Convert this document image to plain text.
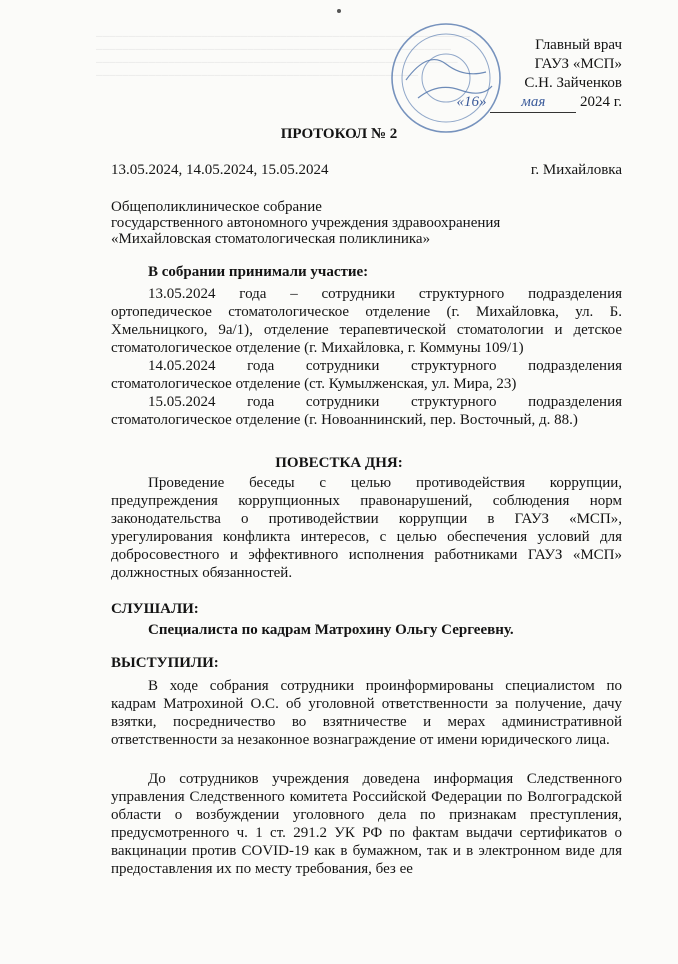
─────────────────────────────────────────────────────────
──────────────────────────────────────────────────────
───────────────────────────────────────────────────────
─────────────────────────────────────────────────
Главный врач
ГАУЗ «МСП»
С.Н. Зайченков
«16» мая 2024 г.
ПРОТОКОЛ № 2
13.05.2024, 14.05.2024, 15.05.2024	г. Михайловка
Общеполиклиническое собрание
государственного автономного учреждения здравоохранения
«Михайловская стоматологическая поликлиника»
В собрании принимали участие:
13.05.2024 года – сотрудники структурного подразделения ортопедическое стоматологическое отделение (г. Михайловка, ул. Б. Хмельницкого, 9а/1), отделение терапевтической стоматологии и детское стоматологическое отделение (г. Михайловка, г. Коммуны 109/1)
14.05.2024 года сотрудники структурного подразделения стоматологическое отделение (ст. Кумылженская, ул. Мира, 23)
15.05.2024 года сотрудники структурного подразделения стоматологическое отделение (г. Новоаннинский, пер. Восточный, д. 88.)
ПОВЕСТКА ДНЯ:
Проведение беседы с целью противодействия коррупции, предупреждения коррупционных правонарушений, соблюдения норм законодательства о противодействии коррупции в ГАУЗ «МСП», урегулирования конфликта интересов, с целью обеспечения условий для добросовестного и эффективного исполнения работниками ГАУЗ «МСП» должностных обязанностей.
СЛУШАЛИ:
Специалиста по кадрам Матрохину Ольгу Сергеевну.
ВЫСТУПИЛИ:
В ходе собрания сотрудники проинформированы специалистом по кадрам Матрохиной О.С. об уголовной ответственности за получение, дачу взятки, посредничество во взятничестве и мерах административной ответственности за незаконное вознаграждение от имени юридического лица.
До сотрудников учреждения доведена информация Следственного управления Следственного комитета Российской Федерации по Волгоградской области о возбуждении уголовного дела по признакам преступления, предусмотренного ч. 1 ст. 291.2 УК РФ по фактам выдачи сертификатов о вакцинации против COVID-19 как в бумажном, так и в электронном виде для предоставления их по месту требования, без ее
